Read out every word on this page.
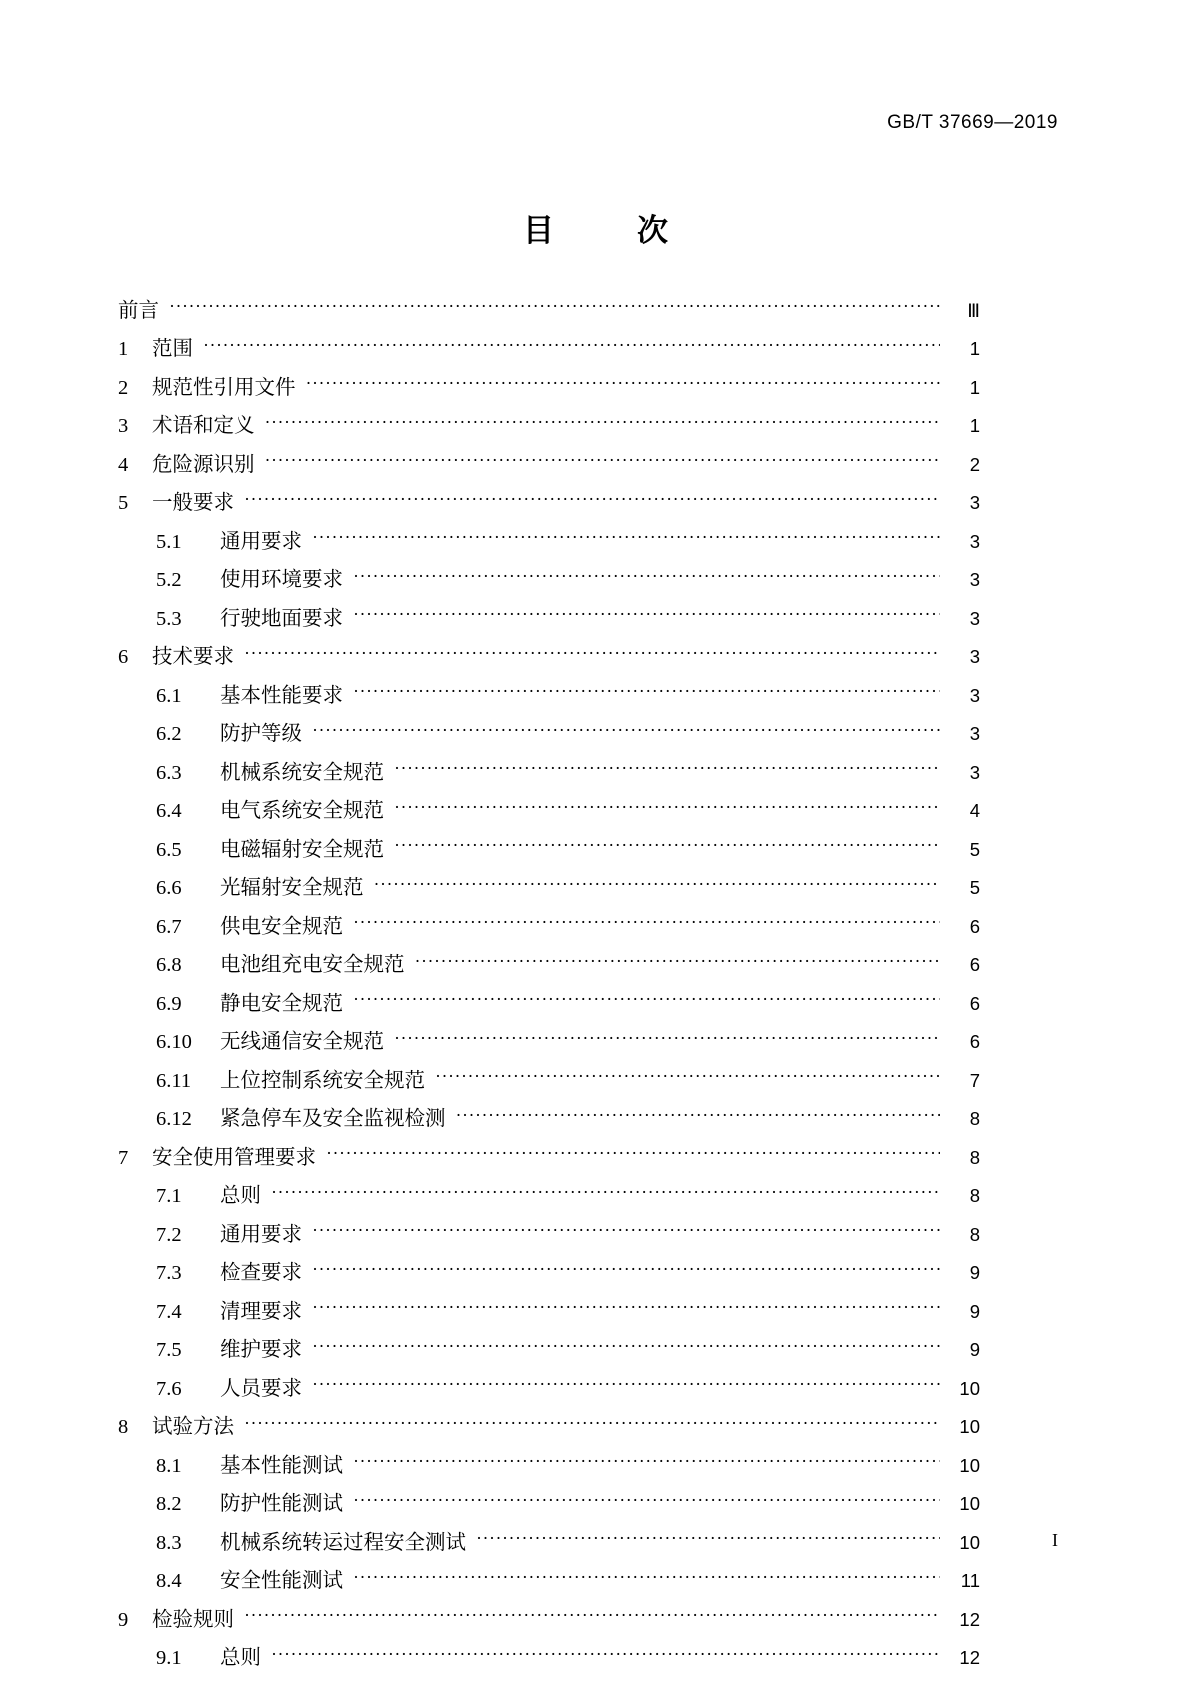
GB/T 37669—2019
目　次
前言 ·····	Ⅲ
1	范围 ·····	1
2	规范性引用文件 ·····	1
3	术语和定义 ·····	1
4	危险源识别 ·····	2
5	一般要求 ·····	3
5.1	通用要求 ·····	3
5.2	使用环境要求 ·····	3
5.3	行驶地面要求 ·····	3
6	技术要求 ·····	3
6.1	基本性能要求 ·····	3
6.2	防护等级 ·····	3
6.3	机械系统安全规范 ·····	3
6.4	电气系统安全规范 ·····	4
6.5	电磁辐射安全规范 ·····	5
6.6	光辐射安全规范 ·····	5
6.7	供电安全规范 ·····	6
6.8	电池组充电安全规范 ·····	6
6.9	静电安全规范 ·····	6
6.10	无线通信安全规范 ·····	6
6.11	上位控制系统安全规范 ·····	7
6.12	紧急停车及安全监视检测 ·····	8
7	安全使用管理要求 ·····	8
7.1	总则 ·····	8
7.2	通用要求 ·····	8
7.3	检查要求 ·····	9
7.4	清理要求 ·····	9
7.5	维护要求 ·····	9
7.6	人员要求 ·····	10
8	试验方法 ·····	10
8.1	基本性能测试 ·····	10
8.2	防护性能测试 ·····	10
8.3	机械系统转运过程安全测试 ·····	10
8.4	安全性能测试 ·····	11
9	检验规则 ·····	12
9.1	总则 ·····	12
I
